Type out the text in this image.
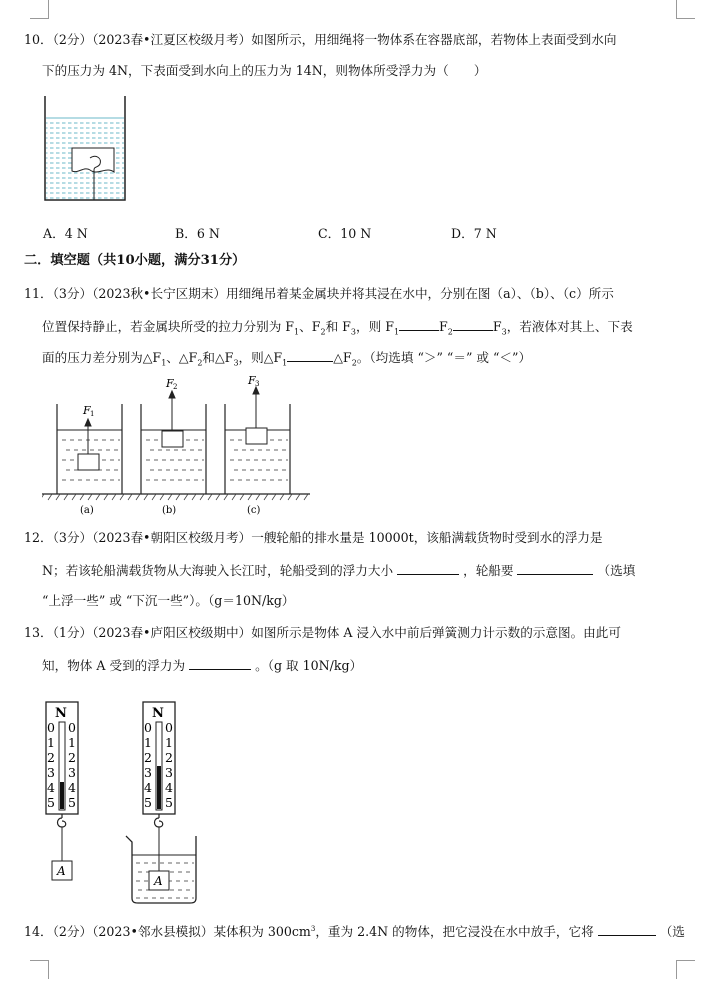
10．（2分）（2023春•江夏区校级月考）如图所示，用细绳将一物体系在容器底部，若物体上表面受到水向
下的压力为 4N，下表面受到水向上的压力为 14N，则物体所受浮力为（　　）
A．4 N	B．6 N	C．10 N	D．7 N
二．填空题（共10小题，满分31分）
11．（3分）（2023秋•长宁区期末）用细绳吊着某金属块并将其浸在水中，分别在图（a）、（b）、（c）所示
位置保持静止，若金属块所受的拉力分别为 $F_1$、$F_2$和 $F_3$，则 $F_1$	$F_2$	$F_3$，若液体对其上、下表
面的压力差分别为$\triangle F_1$、$\triangle F_2$和$\triangle F_3$，则$\triangle F_1$	$\triangle F_2$。（均选填 “＞” “＝” 或 “＜”）
F 1
F 2	F 3
(a)	(b)	(c)
12．（3分）（2023春•朝阳区校级月考）一艘轮船的排水量是 10000t，该船满载货物时受到水的浮力是
N；若该轮船满载货物从大海驶入长江时，轮船受到的浮力大小	，轮船要	（选填
“上浮一些” 或 “下沉一些”）。（g＝10N/kg）
13．（1分）（2023春•庐阳区校级期中）如图所示是物体 A 浸入水中前后弹簧测力计示数的示意图。由此可
知，物体 A 受到的浮力为	。（g 取 10N/kg）
N
0 0
1 1
2 2
3 3
4 4
5 5
A
N
0 0
1 1
2 2
3 3
4 4
5 5
A
14．（2分）（2023•邻水县模拟）某体积为 $300cm^3$，重为 2.4N 的物体，把它浸没在水中放手，它将	（选
